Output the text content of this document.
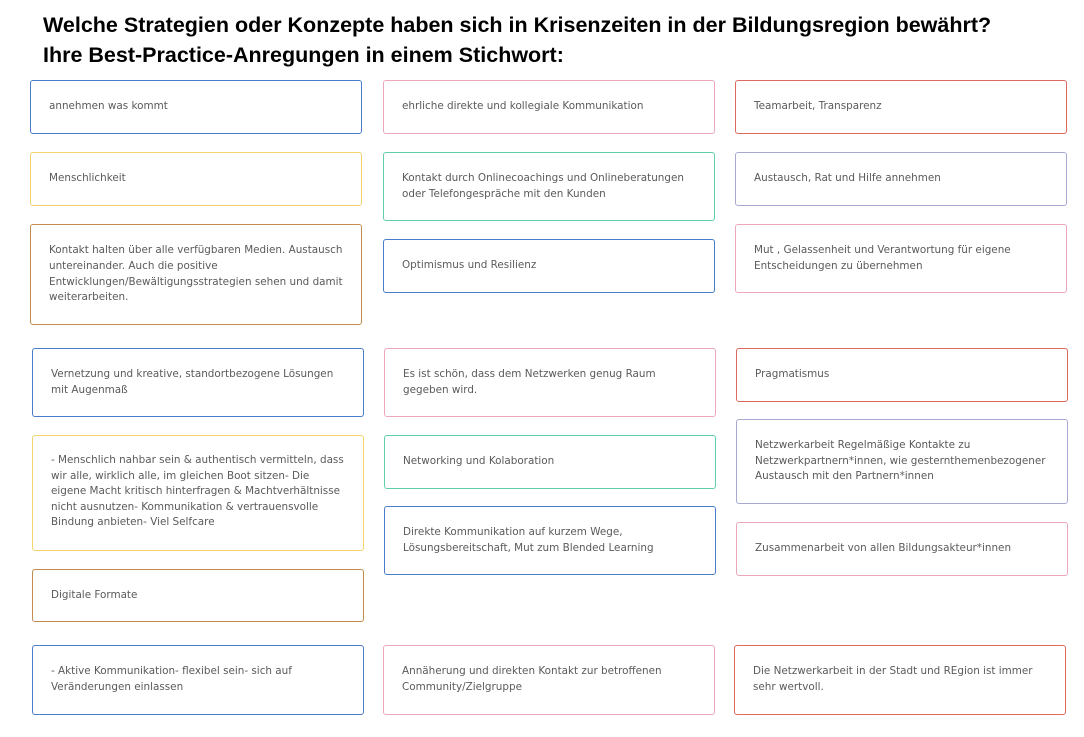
Welche Strategien oder Konzepte haben sich in Krisenzeiten in der Bildungsregion bewährt?
Ihre Best-Practice-Anregungen in einem Stichwort:
annehmen was kommt
Menschlichkeit
Kontakt halten über alle verfügbaren Medien. Austausch untereinander. Auch die positive Entwicklungen/Bewältigungsstrategien sehen und damit weiterarbeiten.
Vernetzung und kreative, standortbezogene Lösungen mit Augenmaß
- Menschlich nahbar sein & authentisch vermitteln, dass wir alle, wirklich alle, im gleichen Boot sitzen- Die eigene Macht kritisch hinterfragen & Machtverhältnisse nicht ausnutzen- Kommunikation & vertrauensvolle Bindung anbieten- Viel Selfcare
Digitale Formate
- Aktive Kommunikation- flexibel sein- sich auf Veränderungen einlassen
ehrliche direkte und kollegiale Kommunikation
Kontakt durch Onlinecoachings und Onlineberatungen oder Telefongespräche mit den Kunden
Optimismus und Resilienz
Es ist schön, dass dem Netzwerken genug Raum gegeben wird.
Networking und Kolaboration
Direkte Kommunikation auf kurzem Wege, Lösungsbereitschaft, Mut zum Blended Learning
Annäherung und direkten Kontakt zur betroffenen Community/Zielgruppe
Teamarbeit, Transparenz
Austausch, Rat und Hilfe annehmen
Mut , Gelassenheit und Verantwortung für eigene Entscheidungen zu übernehmen
Pragmatismus
Netzwerkarbeit Regelmäßige Kontakte zu Netzwerkpartnern*innen, wie gesternthemenbezogener Austausch mit den Partnern*innen
Zusammenarbeit von allen Bildungsakteur*innen
Die Netzwerkarbeit in der Stadt und REgion ist immer sehr wertvoll.
